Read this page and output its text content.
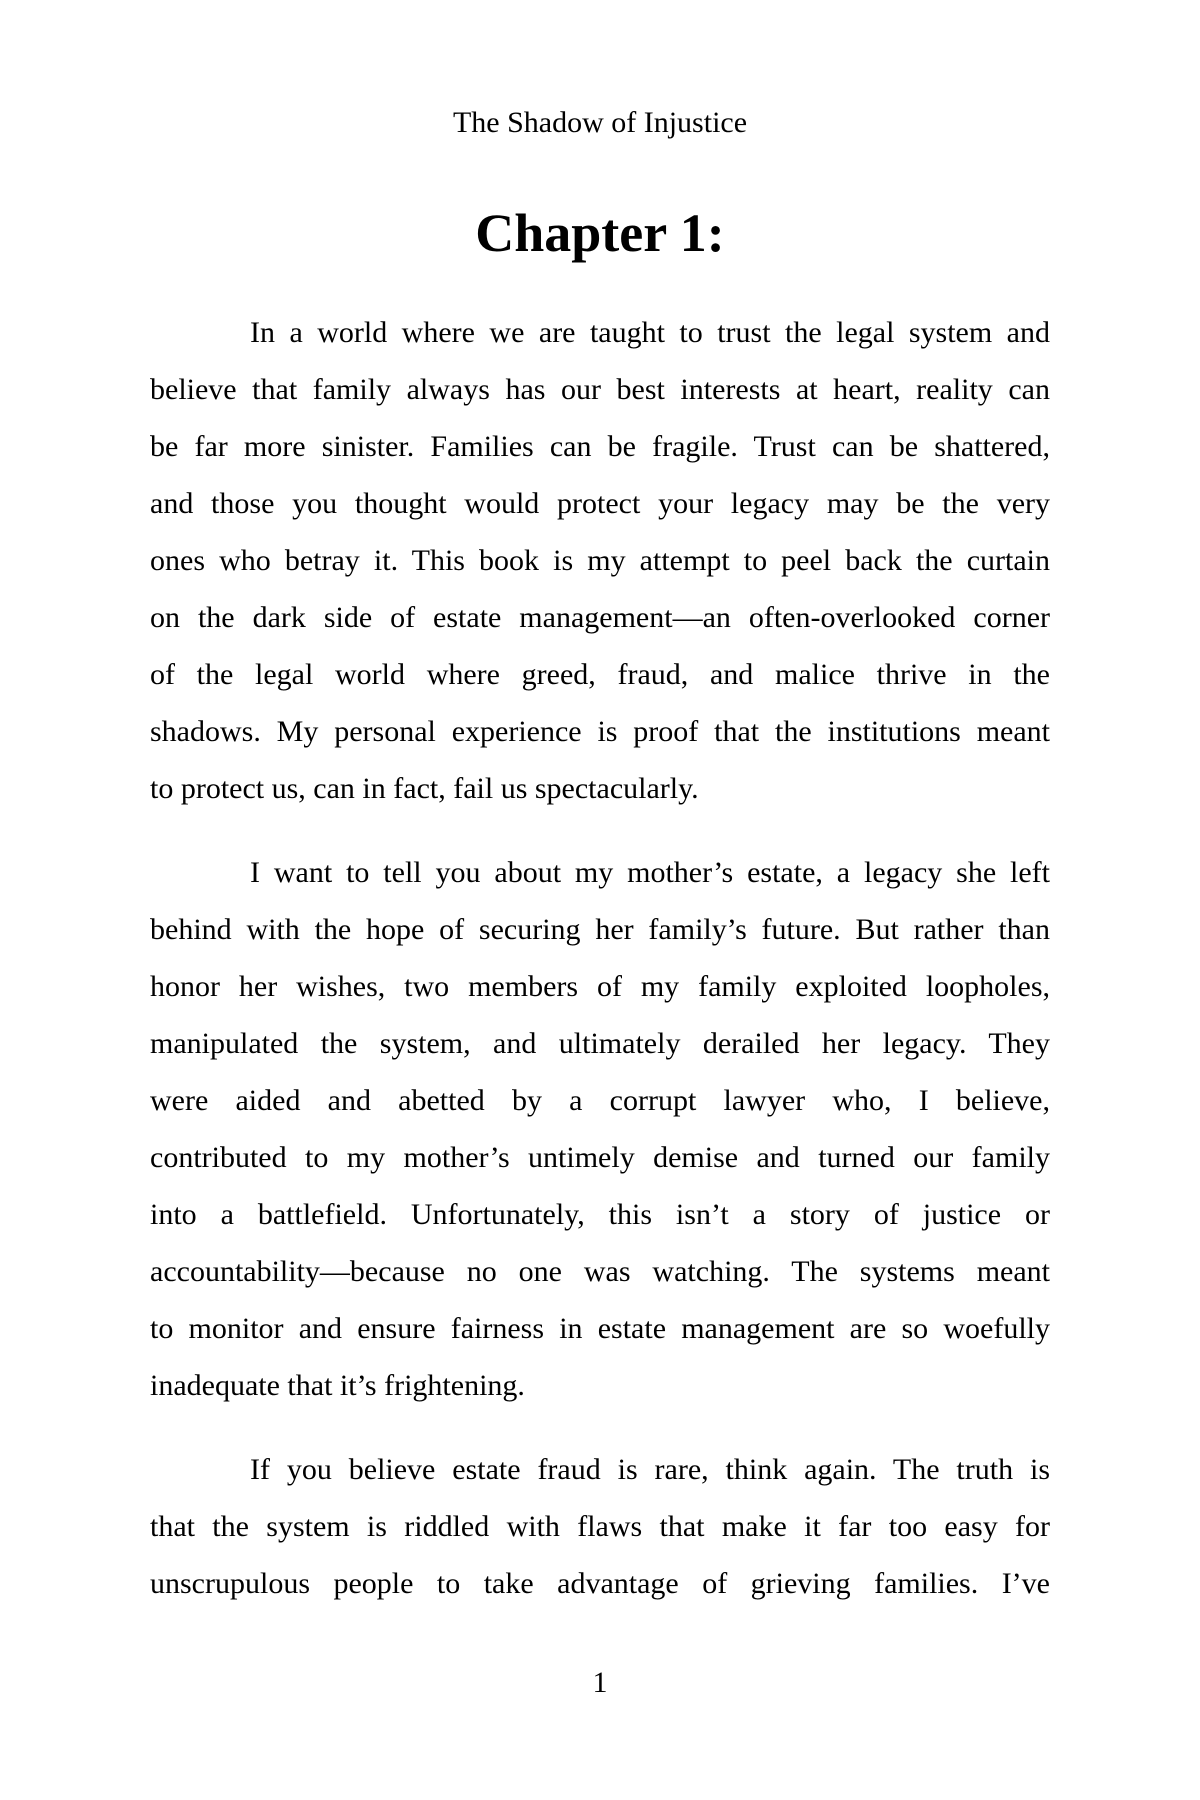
The Shadow of Injustice
Chapter 1:
In a world where we are taught to trust the legal system and
believe that family always has our best interests at heart, reality can
be far more sinister. Families can be fragile. Trust can be shattered,
and those you thought would protect your legacy may be the very
ones who betray it. This book is my attempt to peel back the curtain
on the dark side of estate management—an often-overlooked corner
of the legal world where greed, fraud, and malice thrive in the
shadows. My personal experience is proof that the institutions meant
to protect us, can in fact, fail us spectacularly.
I want to tell you about my mother’s estate, a legacy she left
behind with the hope of securing her family’s future. But rather than
honor her wishes, two members of my family exploited loopholes,
manipulated the system, and ultimately derailed her legacy. They
were aided and abetted by a corrupt lawyer who, I believe,
contributed to my mother’s untimely demise and turned our family
into a battlefield. Unfortunately, this isn’t a story of justice or
accountability—because no one was watching. The systems meant
to monitor and ensure fairness in estate management are so woefully
inadequate that it’s frightening.
If you believe estate fraud is rare, think again. The truth is
that the system is riddled with flaws that make it far too easy for
unscrupulous people to take advantage of grieving families. I’ve
1
